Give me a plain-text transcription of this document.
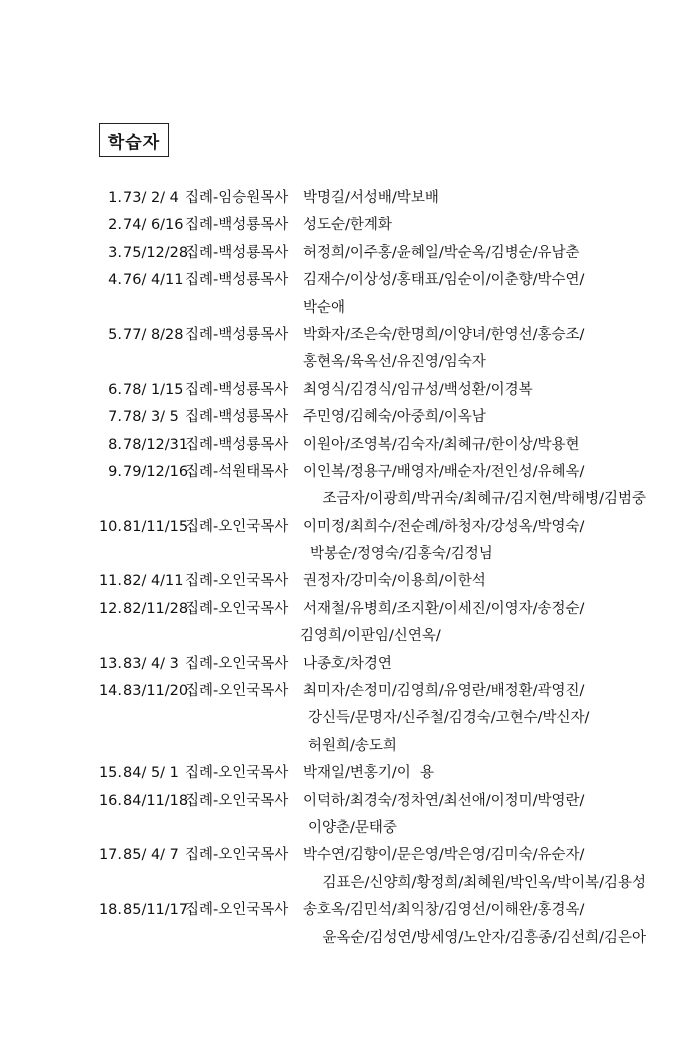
학습자
1. 73/ 2/ 4 집례-임승원목사 박명길/서성배/박보배
2. 74/ 6/16 집례-백성룡목사 성도순/한계화
3. 75/12/28
집례-백성룡목사 허정희/이주홍/윤혜일/박순옥/김병순/유남춘
4. 76/ 4/11 집례-백성룡목사 김재수/이상성/홍태표/임순이/이춘향/박수연/
박순애
5. 77/ 8/28 집례-백성룡목사 박화자/조은숙/한명희/이양녀/한영선/홍승조/
홍현옥/육옥선/유진영/임숙자
6. 78/ 1/15 집례-백성룡목사 최영식/김경식/임규성/백성환/이경복
7. 78/ 3/ 5 집례-백성룡목사 주민영/김혜숙/아중희/이옥남
8. 78/12/31
집례-백성룡목사 이원아/조영복/김숙자/최혜규/한이상/박용현
9. 79/12/16
집례-석원태목사 이인복/정용구/배영자/배순자/전인성/유혜옥/
조금자/이광희/박귀숙/최혜규/김지현/박해병/김범중
10. 81/11/15
집례-오인국목사 이미정/최희수/전순례/하청자/강성옥/박영숙/
박봉순/정영숙/김홍숙/김정님
11. 82/ 4/11 집례-오인국목사 권정자/강미숙/이용희/이한석
12. 82/11/28
집례-오인국목사 서재철/유병희/조지환/이세진/이영자/송정순/
김영희/이판임/신연옥/
13. 83/ 4/ 3 집례-오인국목사 나종호/차경연
14. 83/11/20
집례-오인국목사 최미자/손정미/김영희/유영란/배정환/곽영진/
강신득/문명자/신주철/김경숙/고현수/박신자/
허원희/송도희
15. 84/ 5/ 1 집례-오인국목사 박재일/변홍기/이  용
16. 84/11/18
집례-오인국목사 이덕하/최경숙/정차연/최선애/이정미/박영란/
이양춘/문태중
17. 85/ 4/ 7 집례-오인국목사 박수연/김향이/문은영/박은영/김미숙/유순자/
김표은/신양희/황정희/최혜원/박인옥/박이복/김용성
18. 85/11/17
집례-오인국목사 송호옥/김민석/최익창/김영선/이해완/홍경옥/
윤옥순/김성연/방세영/노안자/김흥종/김선희/김은아
